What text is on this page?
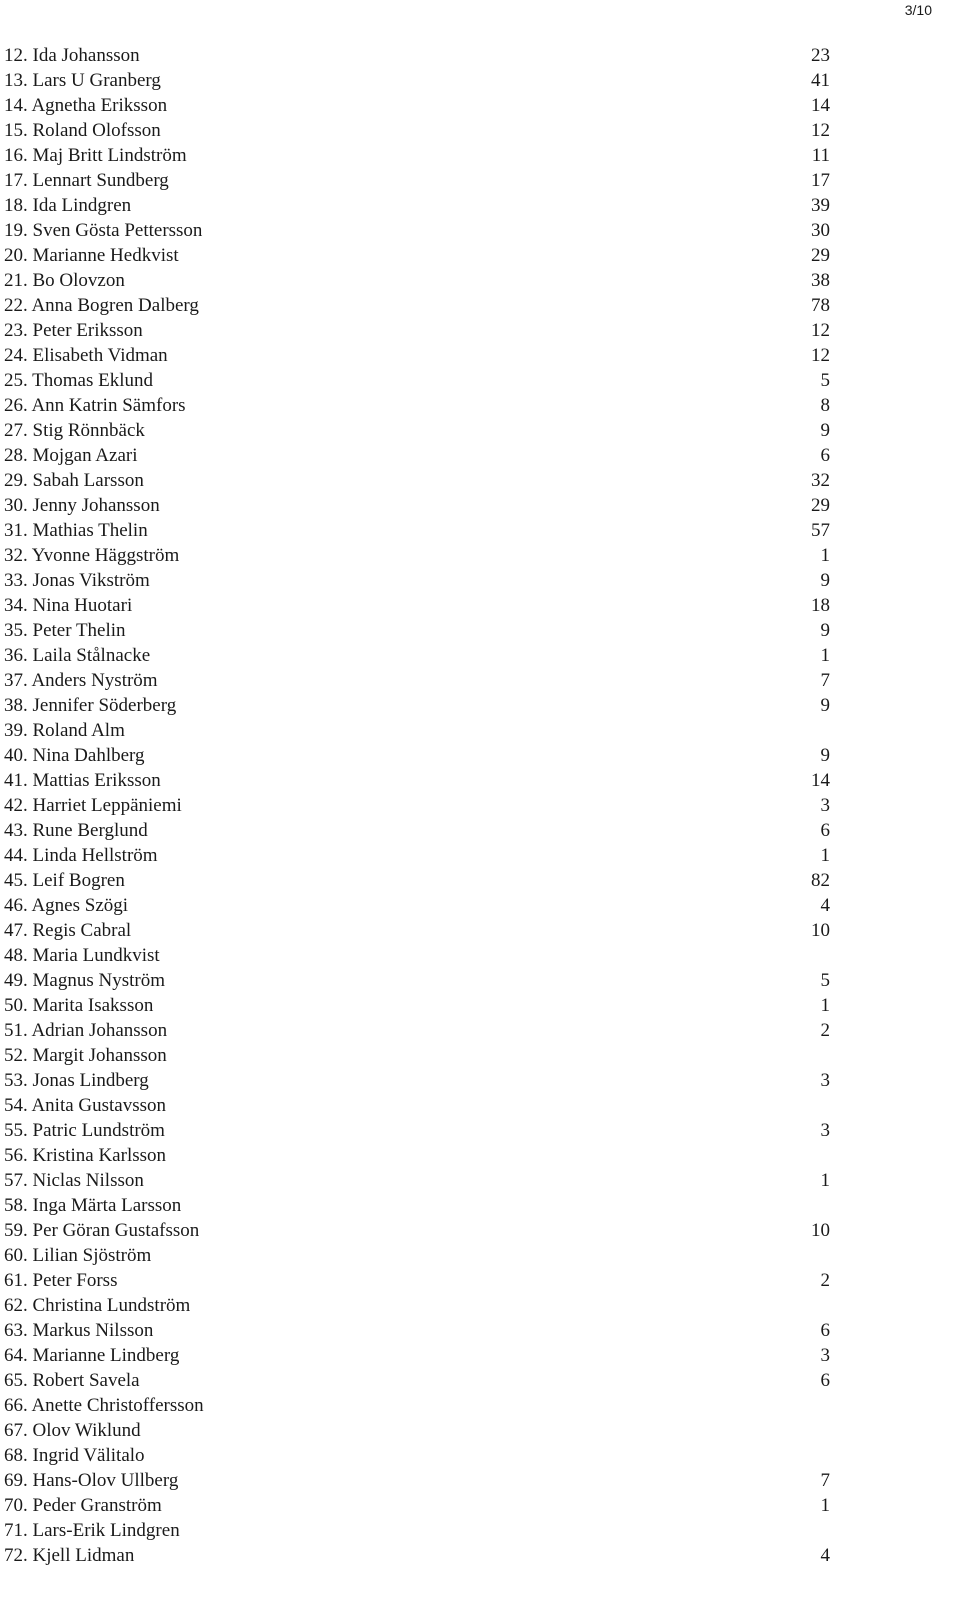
3/10
12. Ida Johansson	23
13. Lars U Granberg	41
14. Agnetha Eriksson	14
15. Roland Olofsson	12
16. Maj Britt Lindström	11
17. Lennart Sundberg	17
18. Ida Lindgren	39
19. Sven Gösta Pettersson	30
20. Marianne Hedkvist	29
21. Bo Olovzon	38
22. Anna Bogren Dalberg	78
23. Peter Eriksson	12
24. Elisabeth Vidman	12
25. Thomas Eklund	5
26. Ann Katrin Sämfors	8
27. Stig Rönnbäck	9
28. Mojgan Azari	6
29. Sabah Larsson	32
30. Jenny Johansson	29
31. Mathias Thelin	57
32. Yvonne Häggström	1
33. Jonas Vikström	9
34. Nina Huotari	18
35. Peter Thelin	9
36. Laila Stålnacke	1
37. Anders Nyström	7
38. Jennifer Söderberg	9
39. Roland Alm
40. Nina Dahlberg	9
41. Mattias Eriksson	14
42. Harriet Leppäniemi	3
43. Rune Berglund	6
44. Linda Hellström	1
45. Leif Bogren	82
46. Agnes Szögi	4
47. Regis Cabral	10
48. Maria Lundkvist
49. Magnus Nyström	5
50. Marita Isaksson	1
51. Adrian Johansson	2
52. Margit Johansson
53. Jonas Lindberg	3
54. Anita Gustavsson
55. Patric Lundström	3
56. Kristina Karlsson
57. Niclas Nilsson	1
58. Inga Märta Larsson
59. Per Göran Gustafsson	10
60. Lilian Sjöström
61. Peter Forss	2
62. Christina Lundström
63. Markus Nilsson	6
64. Marianne Lindberg	3
65. Robert Savela	6
66. Anette Christoffersson
67. Olov Wiklund
68. Ingrid Välitalo
69. Hans-Olov Ullberg	7
70. Peder Granström	1
71. Lars-Erik Lindgren
72. Kjell Lidman	4
